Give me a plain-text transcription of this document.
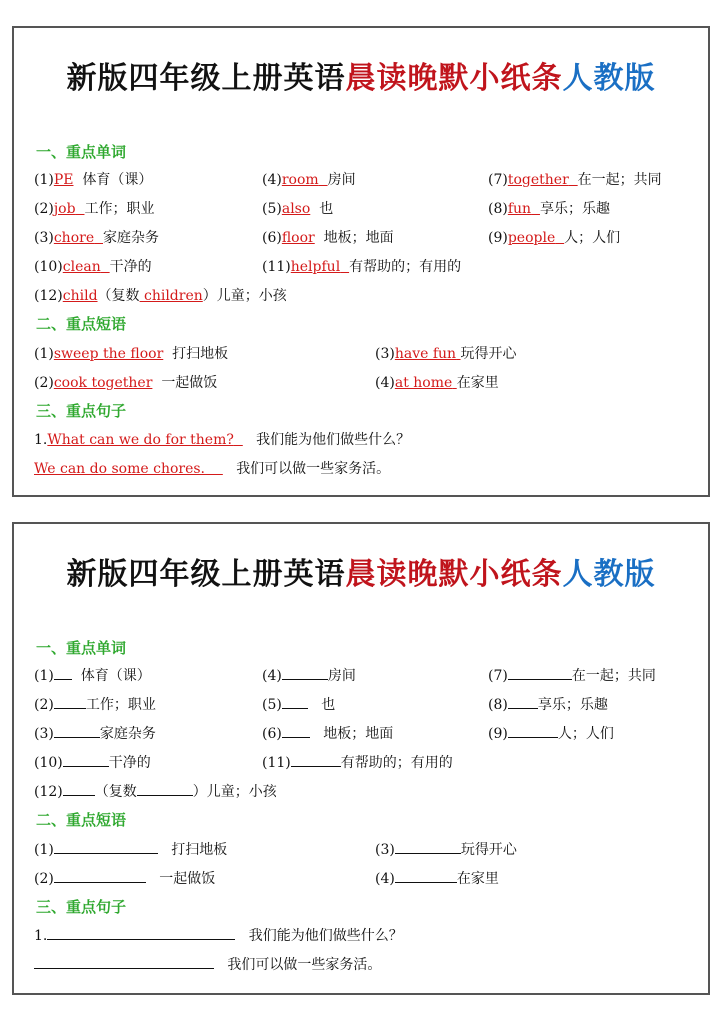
新版四年级上册英语晨读晚默小纸条人教版
一、重点单词
(1)PE 体育（课）	(4)room 房间	(7)together 在一起；共同
(2)job 工作；职业	(5)also 也	(8)fun 享乐；乐趣
(3)chore 家庭杂务	(6)floor 地板；地面	(9)people 人；人们
(10)clean 干净的	(11)helpful 有帮助的；有用的
(12)child（复数 children）儿童；小孩
二、重点短语
(1)sweep the floor 打扫地板	(3)have fun 玩得开心
(2)cook together 一起做饭	(4)at home 在家里
三、重点句子
1.What can we do for them? 我们能为他们做些什么？
We can do some chores. 我们可以做一些家务活。
新版四年级上册英语晨读晚默小纸条人教版
一、重点单词
(1) 体育（课）	(4)	房间	(7)	在一起；共同
(2) 工作；职业	(5)	也	(8) 享乐；乐趣
(3)	家庭杂务	(6)	地板；地面	(9)	人；人们
(10)	干净的	(11)	有帮助的；有用的
(12) （复数	）儿童；小孩
二、重点短语
(1)	打扫地板	(3)	玩得开心
(2)	一起做饭	(4)	在家里
三、重点句子
1.	我们能为他们做些什么？
我们可以做一些家务活。
